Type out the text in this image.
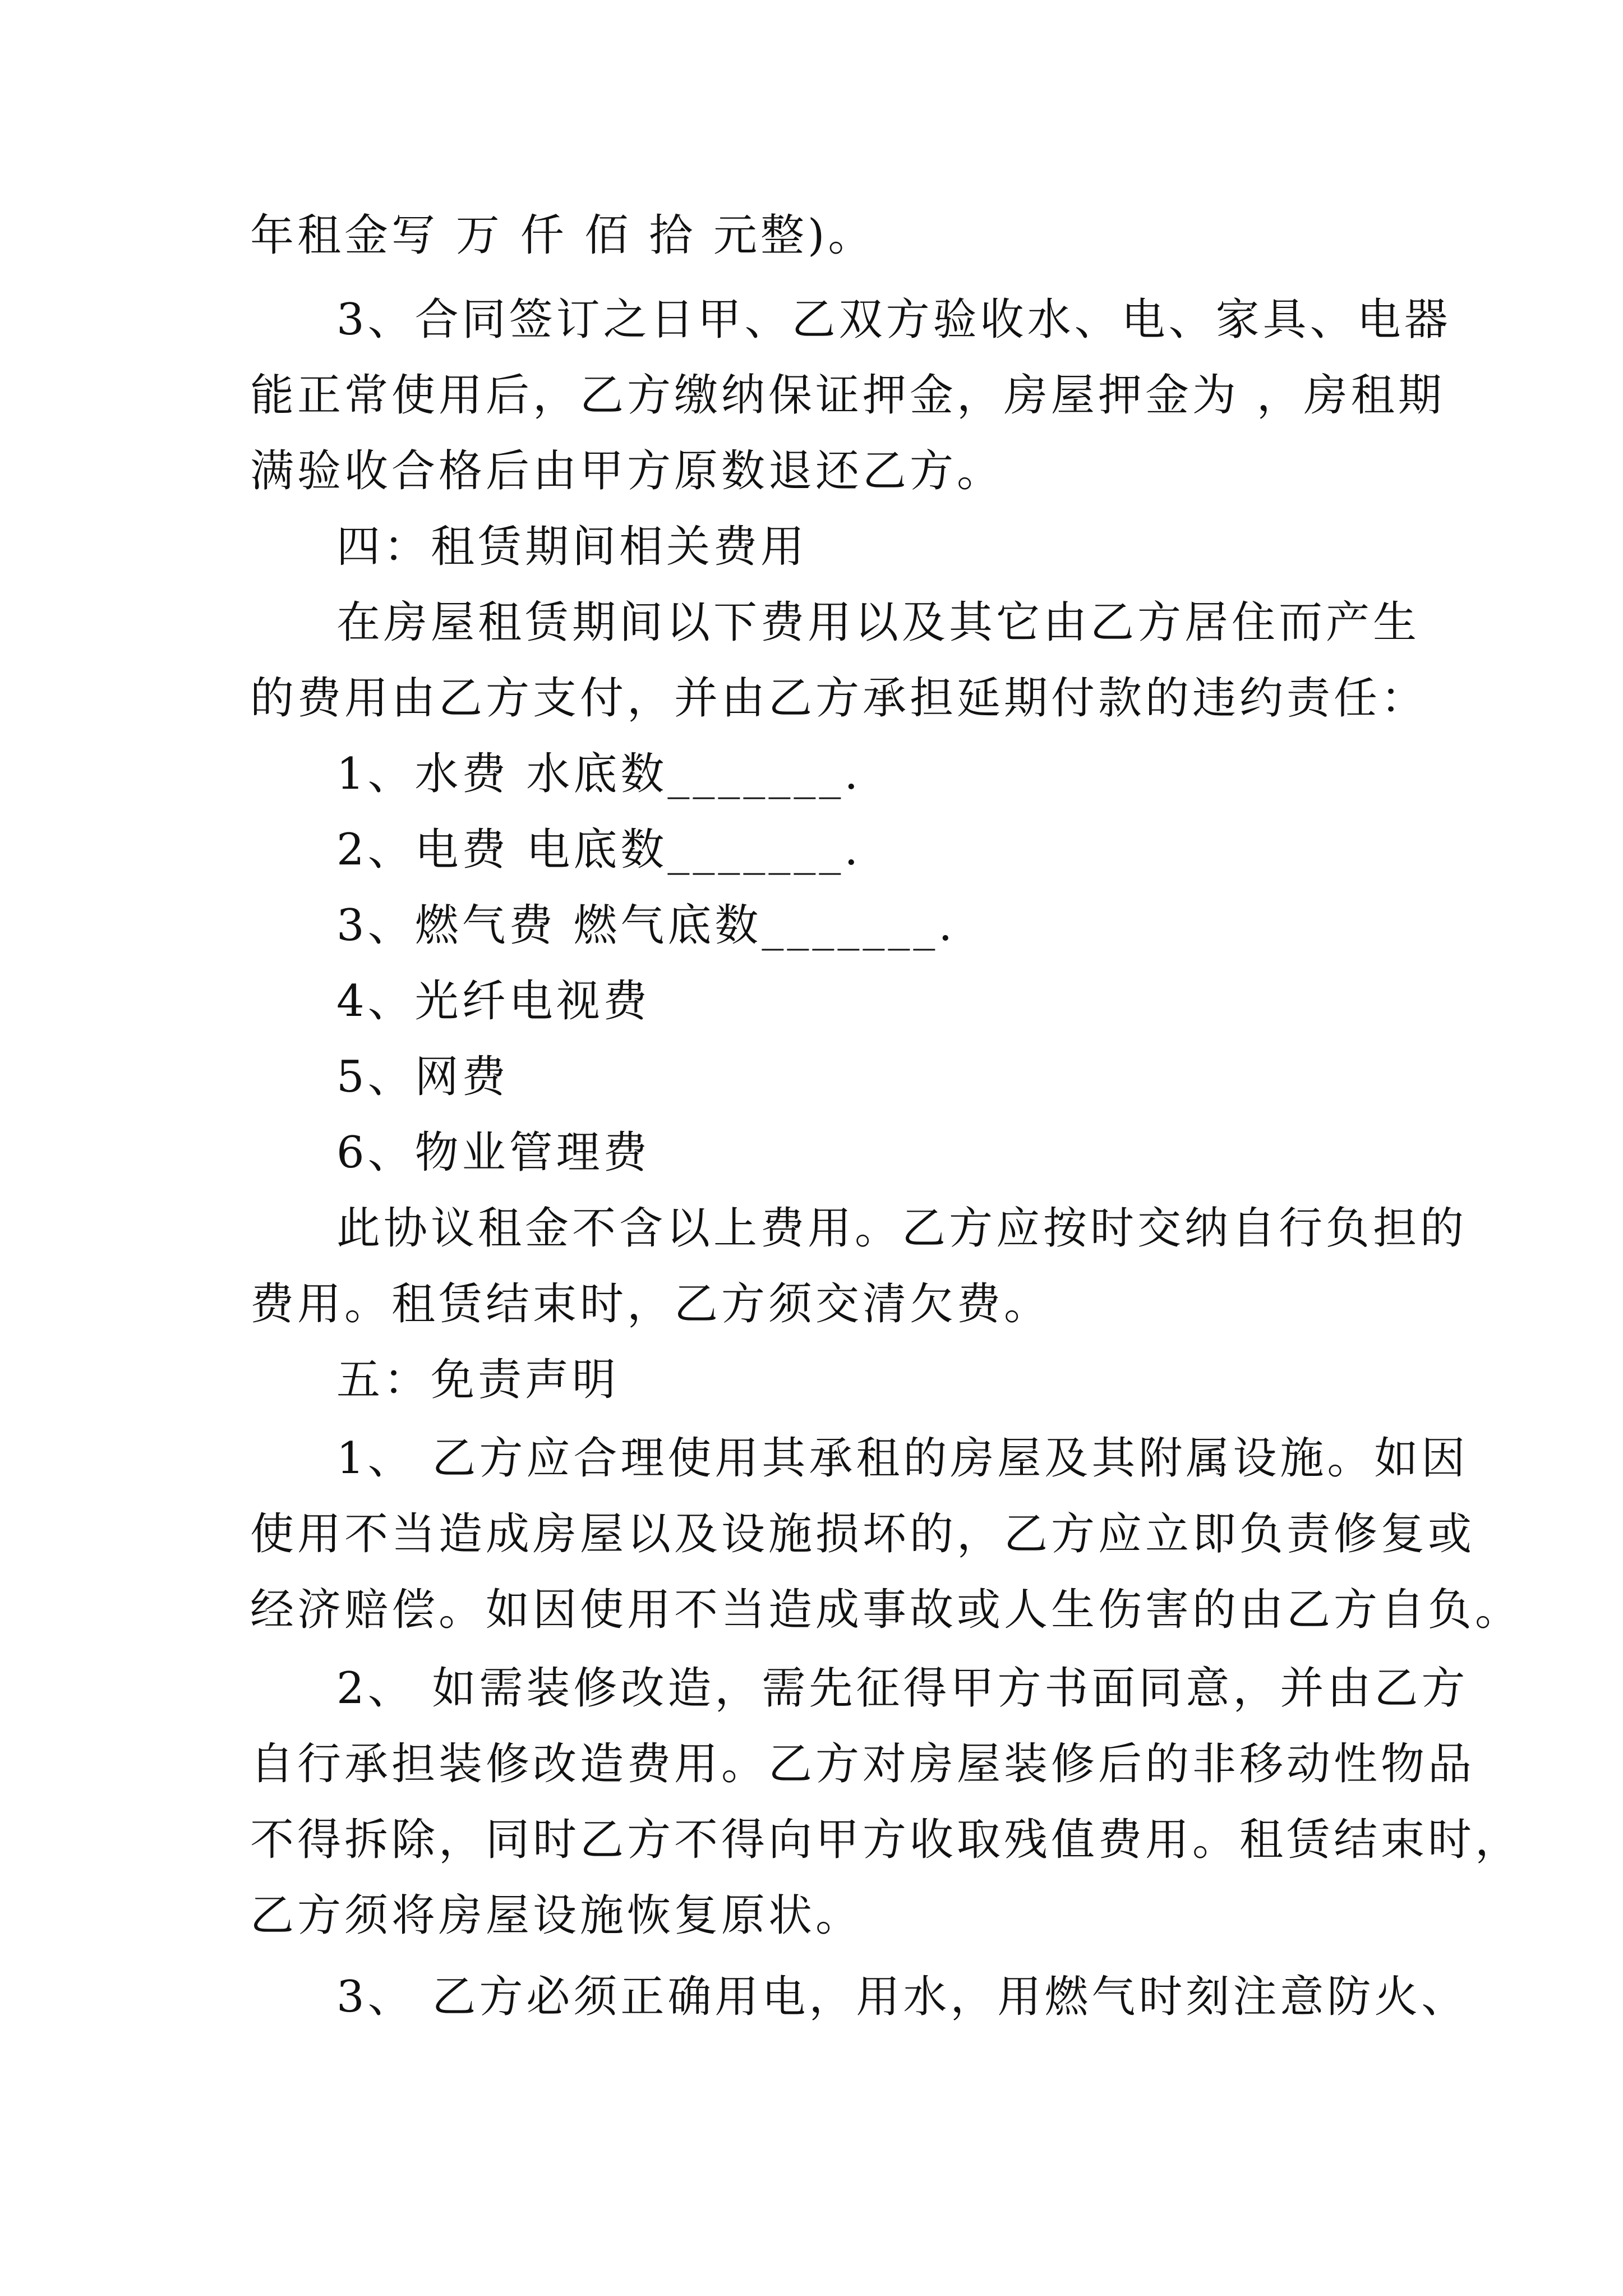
年租金写 万 仟 佰 拾 元整)。

3、合同签订之日甲、乙双方验收水、电、家具、电器

能正常使用后，乙方缴纳保证押金，房屋押金为 ，房租期

满验收合格后由甲方原数退还乙方。

四：租赁期间相关费用

在房屋租赁期间以下费用以及其它由乙方居住而产生

的费用由乙方支付，并由乙方承担延期付款的违约责任：

1、水费 水底数_______.

2、电费 电底数_______.

3、燃气费 燃气底数_______.

4、光纤电视费

5、网费

6、物业管理费

此协议租金不含以上费用。乙方应按时交纳自行负担的

费用。租赁结束时，乙方须交清欠费。

五：免责声明

1、 乙方应合理使用其承租的房屋及其附属设施。如因

使用不当造成房屋以及设施损坏的，乙方应立即负责修复或

经济赔偿。如因使用不当造成事故或人生伤害的由乙方自负。

2、 如需装修改造，需先征得甲方书面同意，并由乙方

自行承担装修改造费用。乙方对房屋装修后的非移动性物品

不得拆除，同时乙方不得向甲方收取残值费用。租赁结束时，

乙方须将房屋设施恢复原状。

3、 乙方必须正确用电，用水，用燃气时刻注意防火、
